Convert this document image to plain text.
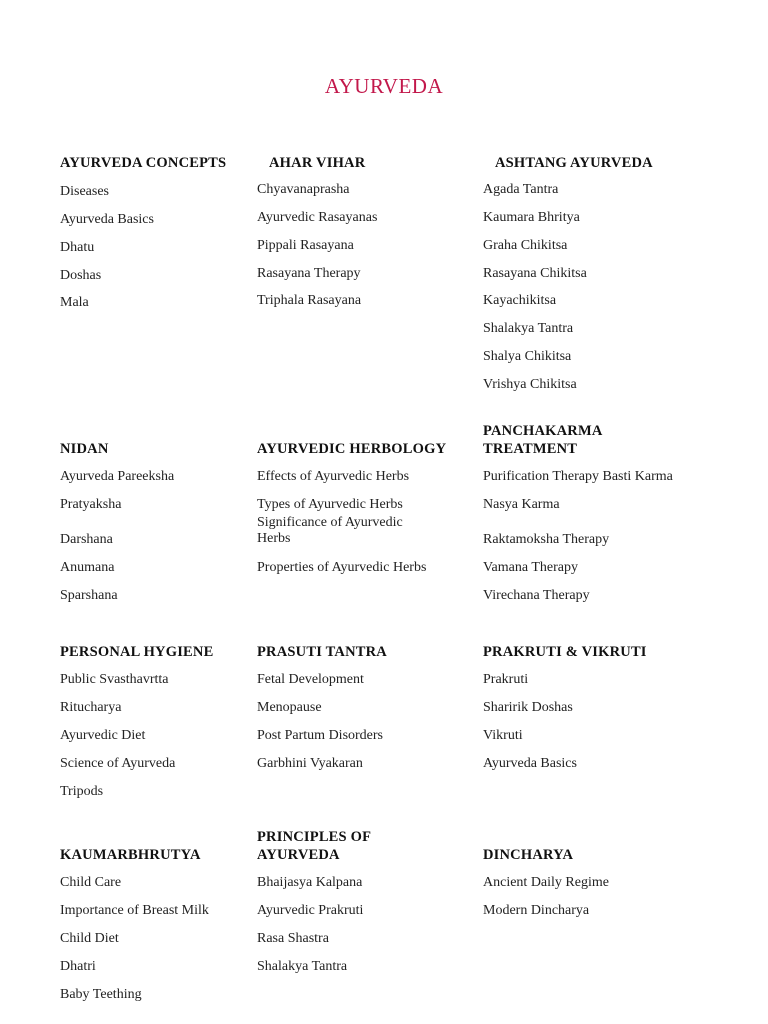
AYURVEDA
AYURVEDA CONCEPTS
Diseases
Ayurveda Basics
Dhatu
Doshas
Mala
AHAR VIHAR
Chyavanaprasha
Ayurvedic Rasayanas
Pippali Rasayana
Rasayana Therapy
Triphala Rasayana
ASHTANG AYURVEDA
Agada Tantra
Kaumara Bhritya
Graha Chikitsa
Rasayana Chikitsa
Kayachikitsa
Shalakya Tantra
Shalya Chikitsa
Vrishya Chikitsa
NIDAN
Ayurveda Pareeksha
Pratyaksha
Darshana
Anumana
Sparshana
AYURVEDIC HERBOLOGY
Effects of Ayurvedic Herbs
Types of Ayurvedic Herbs
Significance of Ayurvedic Herbs
Properties of Ayurvedic Herbs
PANCHAKARMA TREATMENT
Purification Therapy Basti Karma
Nasya Karma
Raktamoksha Therapy
Vamana Therapy
Virechana Therapy
PERSONAL HYGIENE
Public Svasthavrtta
Ritucharya
Ayurvedic Diet
Science of Ayurveda
Tripods
PRASUTI TANTRA
Fetal Development
Menopause
Post Partum Disorders
Garbhini Vyakaran
PRAKRUTI & VIKRUTI
Prakruti
Sharirik Doshas
Vikruti
Ayurveda Basics
KAUMARBHRUTYA
Child Care
Importance of Breast Milk
Child Diet
Dhatri
Baby Teething
PRINCIPLES OF AYURVEDA
Bhaijasya Kalpana
Ayurvedic Prakruti
Rasa Shastra
Shalakya Tantra
DINCHARYA
Ancient Daily Regime
Modern Dincharya
